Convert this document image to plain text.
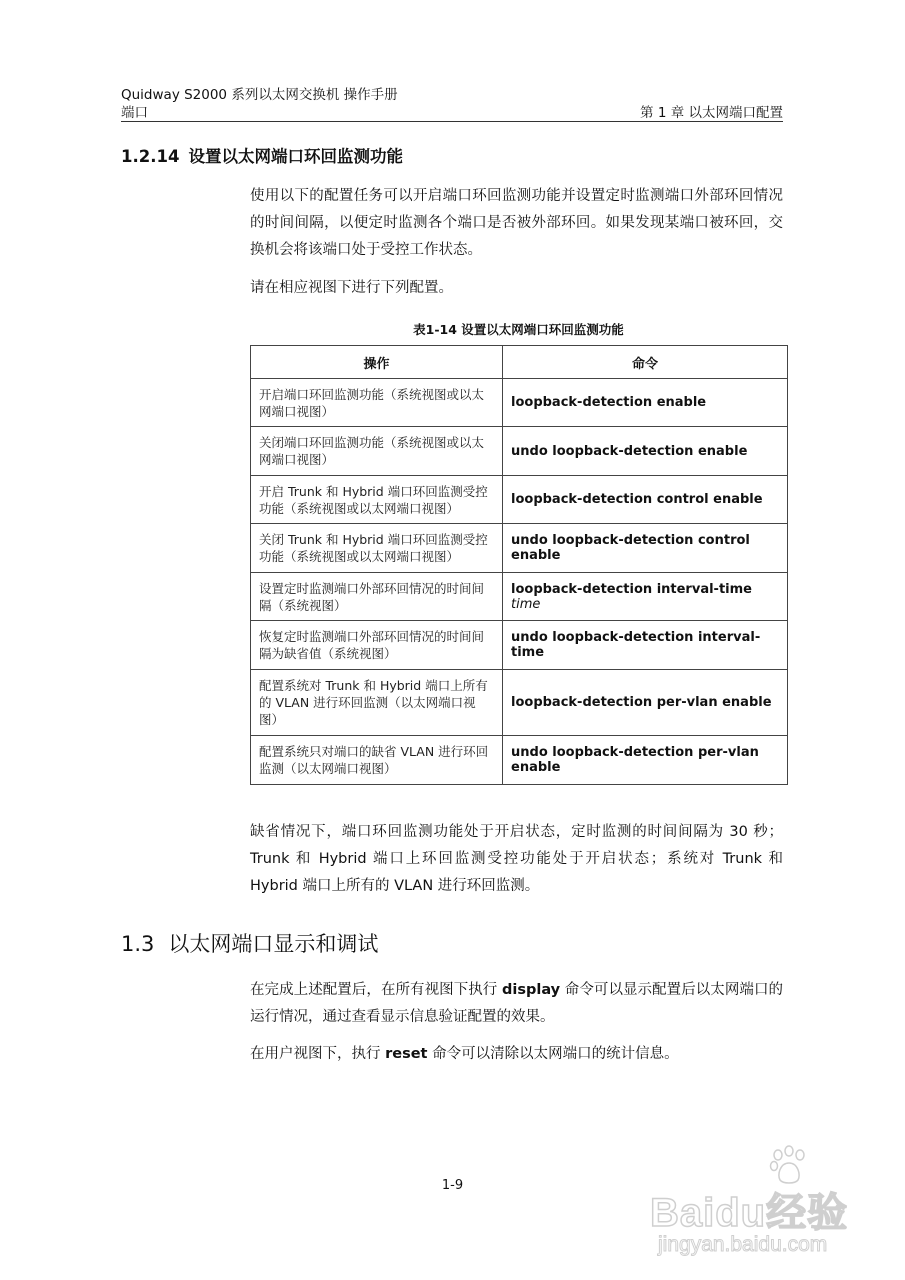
Quidway S2000 系列以太网交换机 操作手册
端口	第 1 章 以太网端口配置
1.2.14 设置以太网端口环回监测功能
使用以下的配置任务可以开启端口环回监测功能并设置定时监测端口外部环回情况的时间间隔，以便定时监测各个端口是否被外部环回。如果发现某端口被环回，交换机会将该端口处于受控工作状态。
请在相应视图下进行下列配置。
表1-14 设置以太网端口环回监测功能
操作	命令
开启端口环回监测功能（系统视图或以太网端口视图）	loopback-detection enable
关闭端口环回监测功能（系统视图或以太网端口视图）	undo loopback-detection enable
开启 Trunk 和 Hybrid 端口环回监测受控功能（系统视图或以太网端口视图）	loopback-detection control enable
关闭 Trunk 和 Hybrid 端口环回监测受控功能（系统视图或以太网端口视图）	undo loopback-detection control enable
设置定时监测端口外部环回情况的时间间隔（系统视图）	loopback-detection interval-time time
恢复定时监测端口外部环回情况的时间间隔为缺省值（系统视图）	undo loopback-detection interval-time
配置系统对 Trunk 和 Hybrid 端口上所有的 VLAN 进行环回监测（以太网端口视图）	loopback-detection per-vlan enable
配置系统只对端口的缺省 VLAN 进行环回监测（以太网端口视图）	undo loopback-detection per-vlan enable
缺省情况下，端口环回监测功能处于开启状态，定时监测的时间间隔为 30 秒；Trunk 和 Hybrid 端口上环回监测受控功能处于开启状态；系统对 Trunk 和 Hybrid 端口上所有的 VLAN 进行环回监测。
1.3 以太网端口显示和调试
在完成上述配置后，在所有视图下执行 display 命令可以显示配置后以太网端口的运行情况，通过查看显示信息验证配置的效果。
在用户视图下，执行 reset 命令可以清除以太网端口的统计信息。
1-9
Baidu经验
jingyan.baidu.com
